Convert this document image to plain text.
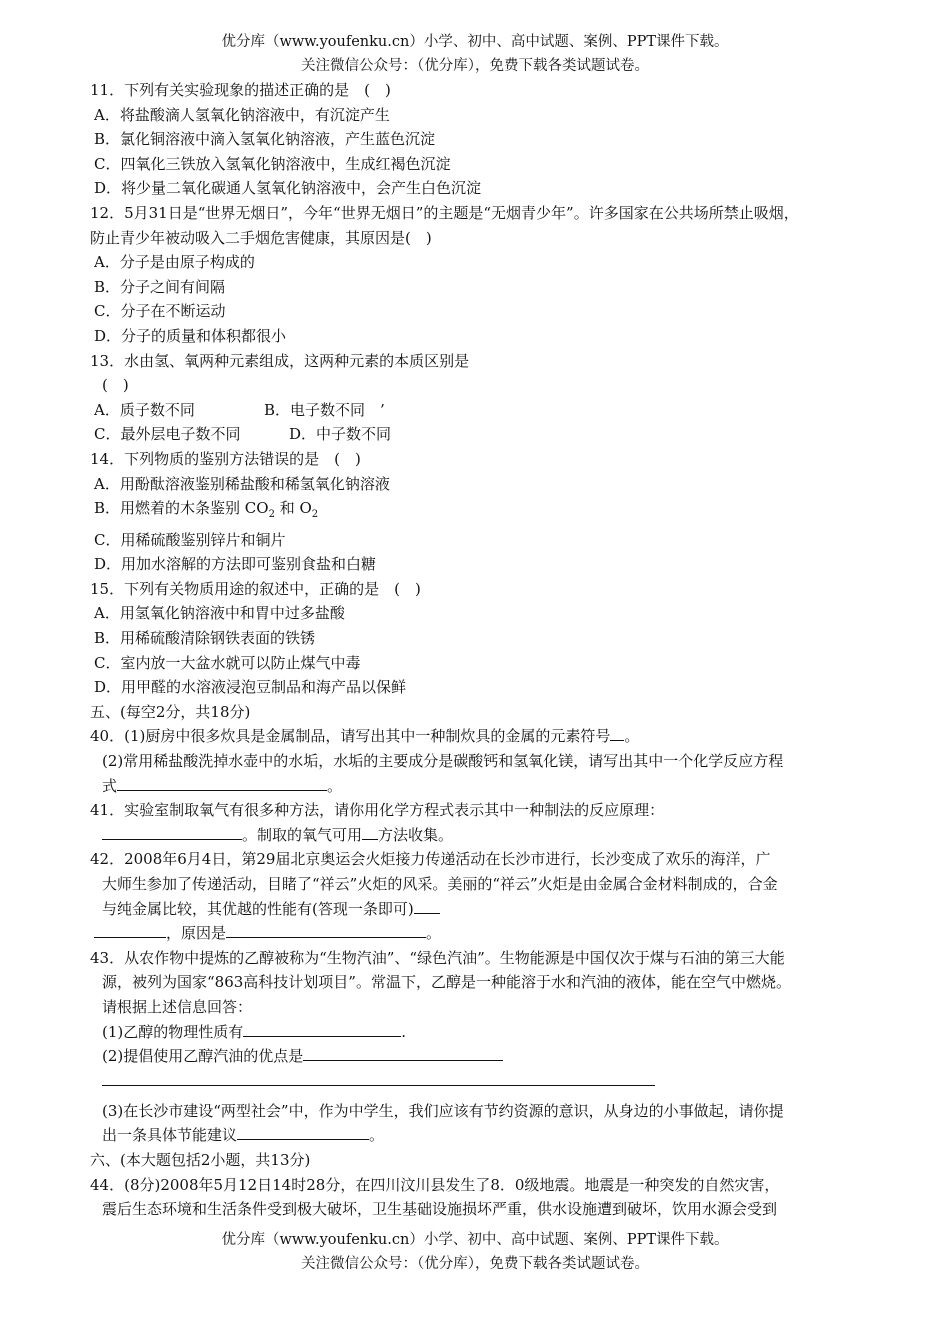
优分库（www.youfenku.cn）小学、初中、高中试题、案例、PPT课件下载。
关注微信公众号：（优分库），免费下载各类试题试卷。
11．下列有关实验现象的描述正确的是　(　)
A．将盐酸滴人氢氧化钠溶液中，有沉淀产生
B．氯化铜溶液中滴入氢氧化钠溶液，产生蓝色沉淀
C．四氧化三铁放入氢氧化钠溶液中，生成红褐色沉淀
D．将少量二氧化碳通人氢氧化钠溶液中，会产生白色沉淀
12．5月31日是“世界无烟日”，今年“世界无烟日”的主题是“无烟青少年”。许多国家在公共场所禁止吸烟，
防止青少年被动吸入二手烟危害健康，其原因是(　)
A．分子是由原子构成的
B．分子之间有间隔
C．分子在不断运动
D．分子的质量和体积都很小
13．水由氢、氧两种元素组成，这两种元素的本质区别是
(　)
A．质子数不同	B．电子数不同　’
C．最外层电子数不同	D．中子数不同
14．下列物质的鉴别方法错误的是　(　)
A．用酚酞溶液鉴别稀盐酸和稀氢氧化钠溶液
B．用燃着的木条鉴别 $CO_2$ 和 $O_2$
C．用稀硫酸鉴别锌片和铜片
D．用加水溶解的方法即可鉴别食盐和白糖
15．下列有关物质用途的叙述中，正确的是　(　)
A．用氢氧化钠溶液中和胃中过多盐酸
B．用稀硫酸清除钢铁表面的铁锈
C．室内放一大盆水就可以防止煤气中毒
D．用甲醛的水溶液浸泡豆制品和海产品以保鲜
五、(每空2分，共18分)
40．(1)厨房中很多炊具是金属制品，请写出其中一种制炊具的金属的元素符号 。
(2)常用稀盐酸洗掉水壶中的水垢，水垢的主要成分是碳酸钙和氢氧化镁，请写出其中一个化学反应方程
式	。
41．实验室制取氧气有很多种方法，请你用化学方程式表示其中一种制法的反应原理：
。制取的氧气可用 方法收集。
42．2008年6月4日，第29届北京奥运会火炬接力传递活动在长沙市进行，长沙变成了欢乐的海洋，广
大师生参加了传递活动，目睹了“祥云”火炬的风采。美丽的“祥云”火炬是由金属合金材料制成的，合金
与纯金属比较，其优越的性能有(答现一条即可)
，原因是	。
43．从农作物中提炼的乙醇被称为“生物汽油”、“绿色汽油”。生物能源是中国仅次于煤与石油的第三大能
源，被列为国家“863高科技计划项目”。常温下，乙醇是一种能溶于水和汽油的液体，能在空气中燃烧。
请根据上述信息回答：
(1)乙醇的物理性质有	.
(2)提倡使用乙醇汽油的优点是
(3)在长沙市建设“两型社会”中，作为中学生，我们应该有节约资源的意识，从身边的小事做起，请你提
出一条具体节能建议	。
六、(本大题包括2小题，共13分)
44．(8分)2008年5月12日14时28分，在四川汶川县发生了8．0级地震。地震是一种突发的自然灾害，
震后生态环境和生活条件受到极大破坏，卫生基础设施损坏严重，供水设施遭到破坏，饮用水源会受到
优分库（www.youfenku.cn）小学、初中、高中试题、案例、PPT课件下载。
关注微信公众号：（优分库），免费下载各类试题试卷。
